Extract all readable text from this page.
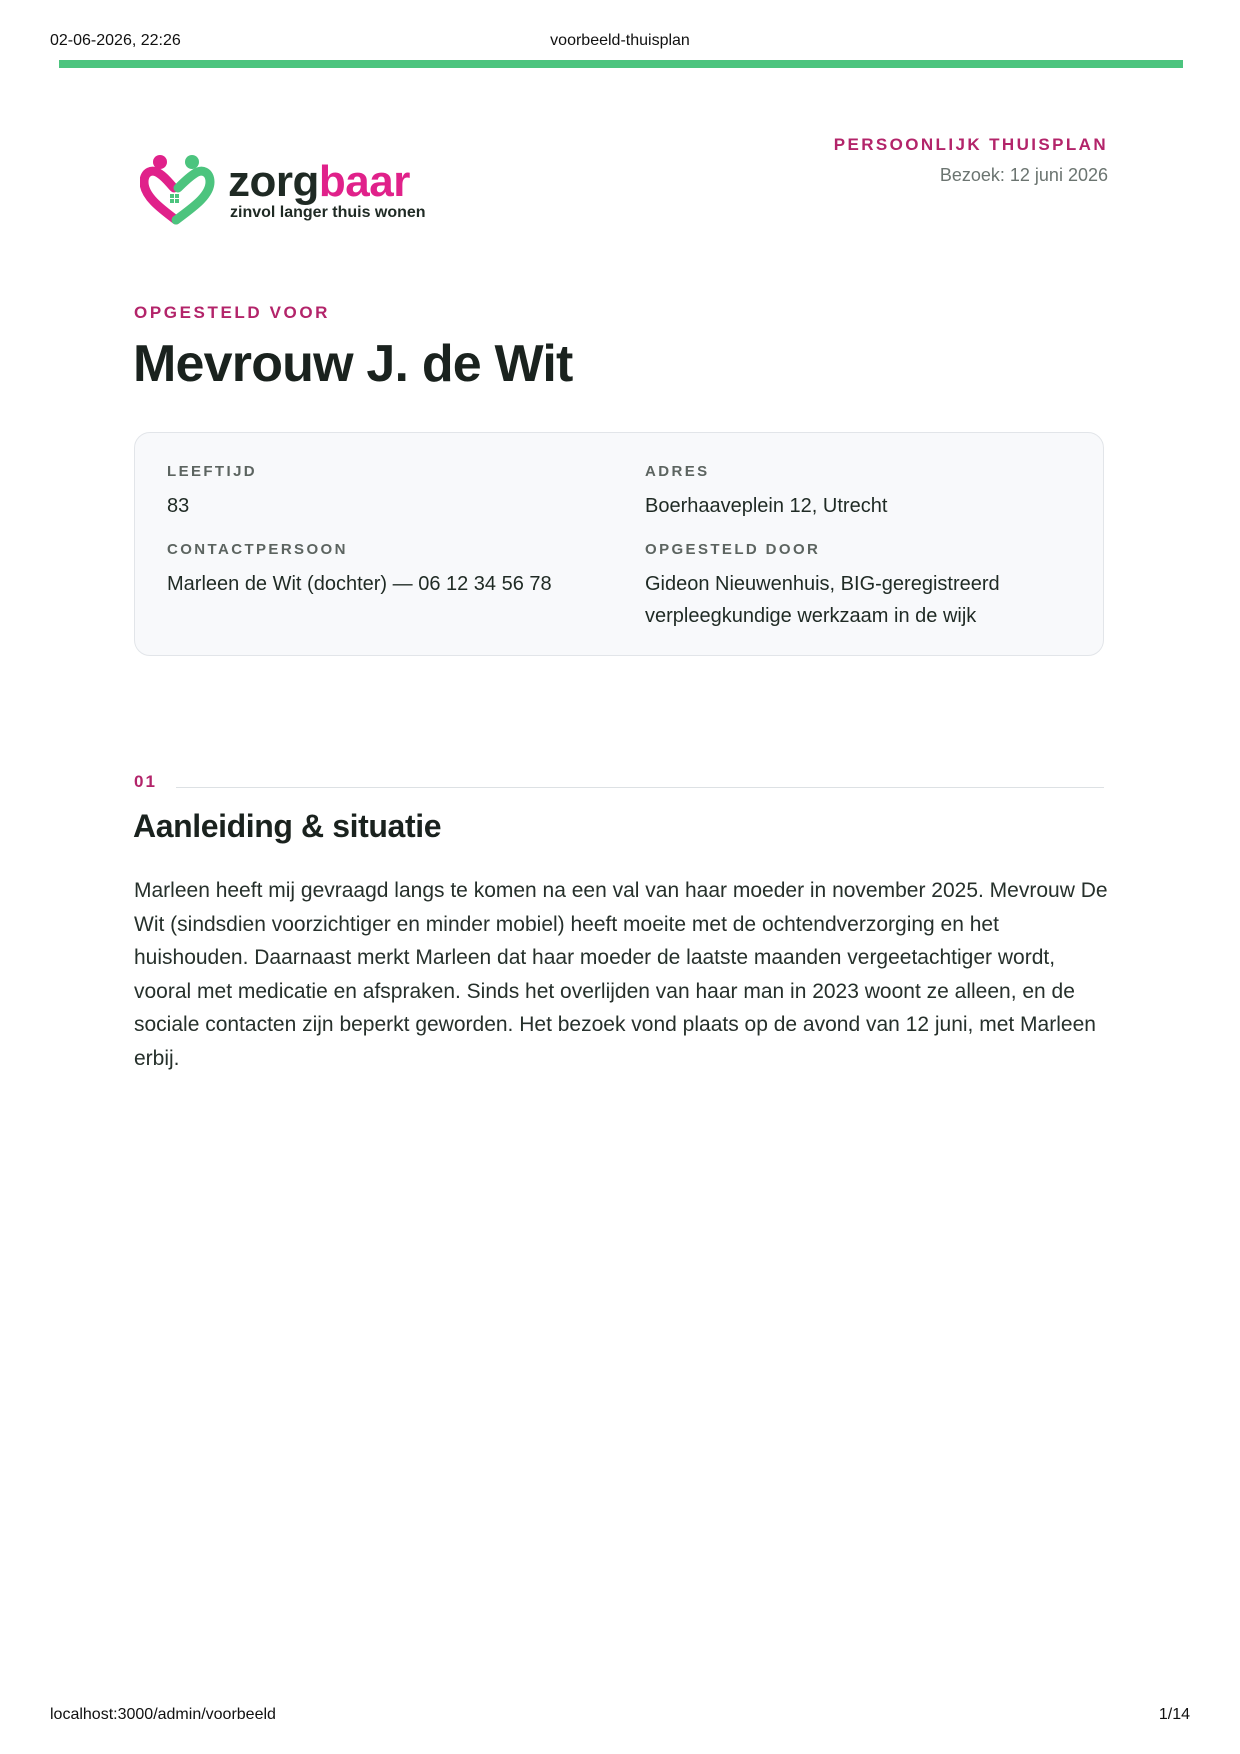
02-06-2026, 22:26	voorbeeld-thuisplan
zorgbaar
zinvol langer thuis wonen
PERSOONLIJK THUISPLAN
Bezoek: 12 juni 2026
OPGESTELD VOOR
Mevrouw J. de Wit
LEEFTIJD
83
ADRES
Boerhaaveplein 12, Utrecht
CONTACTPERSOON
Marleen de Wit (dochter) — 06 12 34 56 78
OPGESTELD DOOR
Gideon Nieuwenhuis, BIG-geregistreerd verpleegkundige werkzaam in de wijk
01
Aanleiding & situatie

Marleen heeft mij gevraagd langs te komen na een val van haar moeder in november 2025. Mevrouw De Wit (sindsdien voorzichtiger en minder mobiel) heeft moeite met de ochtendverzorging en het huishouden. Daarnaast merkt Marleen dat haar moeder de laatste maanden vergeetachtiger wordt, vooral met medicatie en afspraken. Sinds het overlijden van haar man in 2023 woont ze alleen, en de sociale contacten zijn beperkt geworden. Het bezoek vond plaats op de avond van 12 juni, met Marleen erbij.

localhost:3000/admin/voorbeeld	1/14
